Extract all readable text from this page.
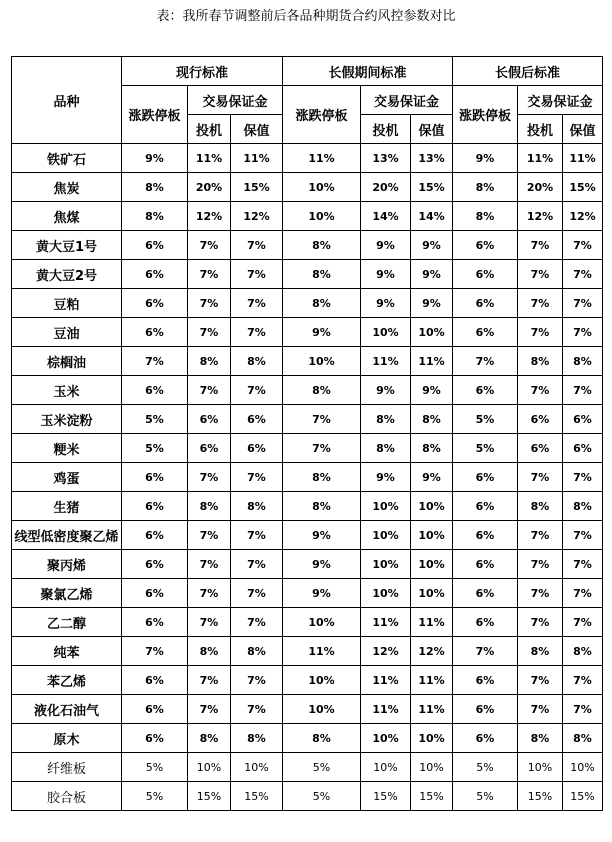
表：我所春节调整前后各品种期货合约风控参数对比
品种	现行标准			长假期间标准			长假后标准		
	涨跌停板	交易保证金		涨跌停板	交易保证金		涨跌停板	交易保证金	
		投机	保值		投机	保值		投机	保值
铁矿石	9%	11%	11%	11%	13%	13%	9%	11%	11%
焦炭	8%	20%	15%	10%	20%	15%	8%	20%	15%
焦煤	8%	12%	12%	10%	14%	14%	8%	12%	12%
黄大豆1号	6%	7%	7%	8%	9%	9%	6%	7%	7%
黄大豆2号	6%	7%	7%	8%	9%	9%	6%	7%	7%
豆粕	6%	7%	7%	8%	9%	9%	6%	7%	7%
豆油	6%	7%	7%	9%	10%	10%	6%	7%	7%
棕榈油	7%	8%	8%	10%	11%	11%	7%	8%	8%
玉米	6%	7%	7%	8%	9%	9%	6%	7%	7%
玉米淀粉	5%	6%	6%	7%	8%	8%	5%	6%	6%
粳米	5%	6%	6%	7%	8%	8%	5%	6%	6%
鸡蛋	6%	7%	7%	8%	9%	9%	6%	7%	7%
生猪	6%	8%	8%	8%	10%	10%	6%	8%	8%
线型低密度聚乙烯	6%	7%	7%	9%	10%	10%	6%	7%	7%
聚丙烯	6%	7%	7%	9%	10%	10%	6%	7%	7%
聚氯乙烯	6%	7%	7%	9%	10%	10%	6%	7%	7%
乙二醇	6%	7%	7%	10%	11%	11%	6%	7%	7%
纯苯	7%	8%	8%	11%	12%	12%	7%	8%	8%
苯乙烯	6%	7%	7%	10%	11%	11%	6%	7%	7%
液化石油气	6%	7%	7%	10%	11%	11%	6%	7%	7%
原木	6%	8%	8%	8%	10%	10%	6%	8%	8%
纤维板	5%	10%	10%	5%	10%	10%	5%	10%	10%
胶合板	5%	15%	15%	5%	15%	15%	5%	15%	15%
